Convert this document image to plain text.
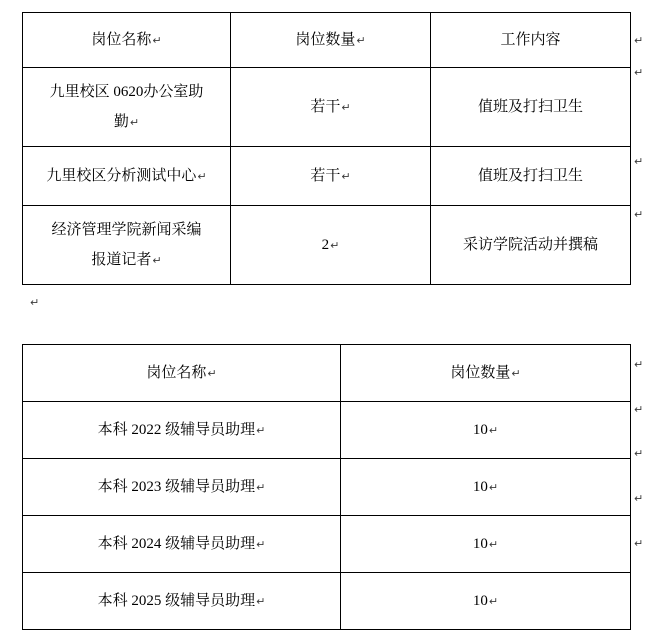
岗位名称↵	岗位数量↵	工作内容

九里校区 0620办公室助
勤↵	若干↵	值班及打扫卫生
九里校区分析测试中心↵	若干↵	值班及打扫卫生

经济管理学院新闻采编
报道记者↵	2↵	采访学院活动并撰稿
↵
↵
↵
↵
↵
岗位名称↵	岗位数量↵
本科 2022 级辅导员助理↵	10↵
本科 2023 级辅导员助理↵	10↵
本科 2024 级辅导员助理↵	10↵
本科 2025 级辅导员助理↵	10↵
↵
↵
↵
↵
↵
